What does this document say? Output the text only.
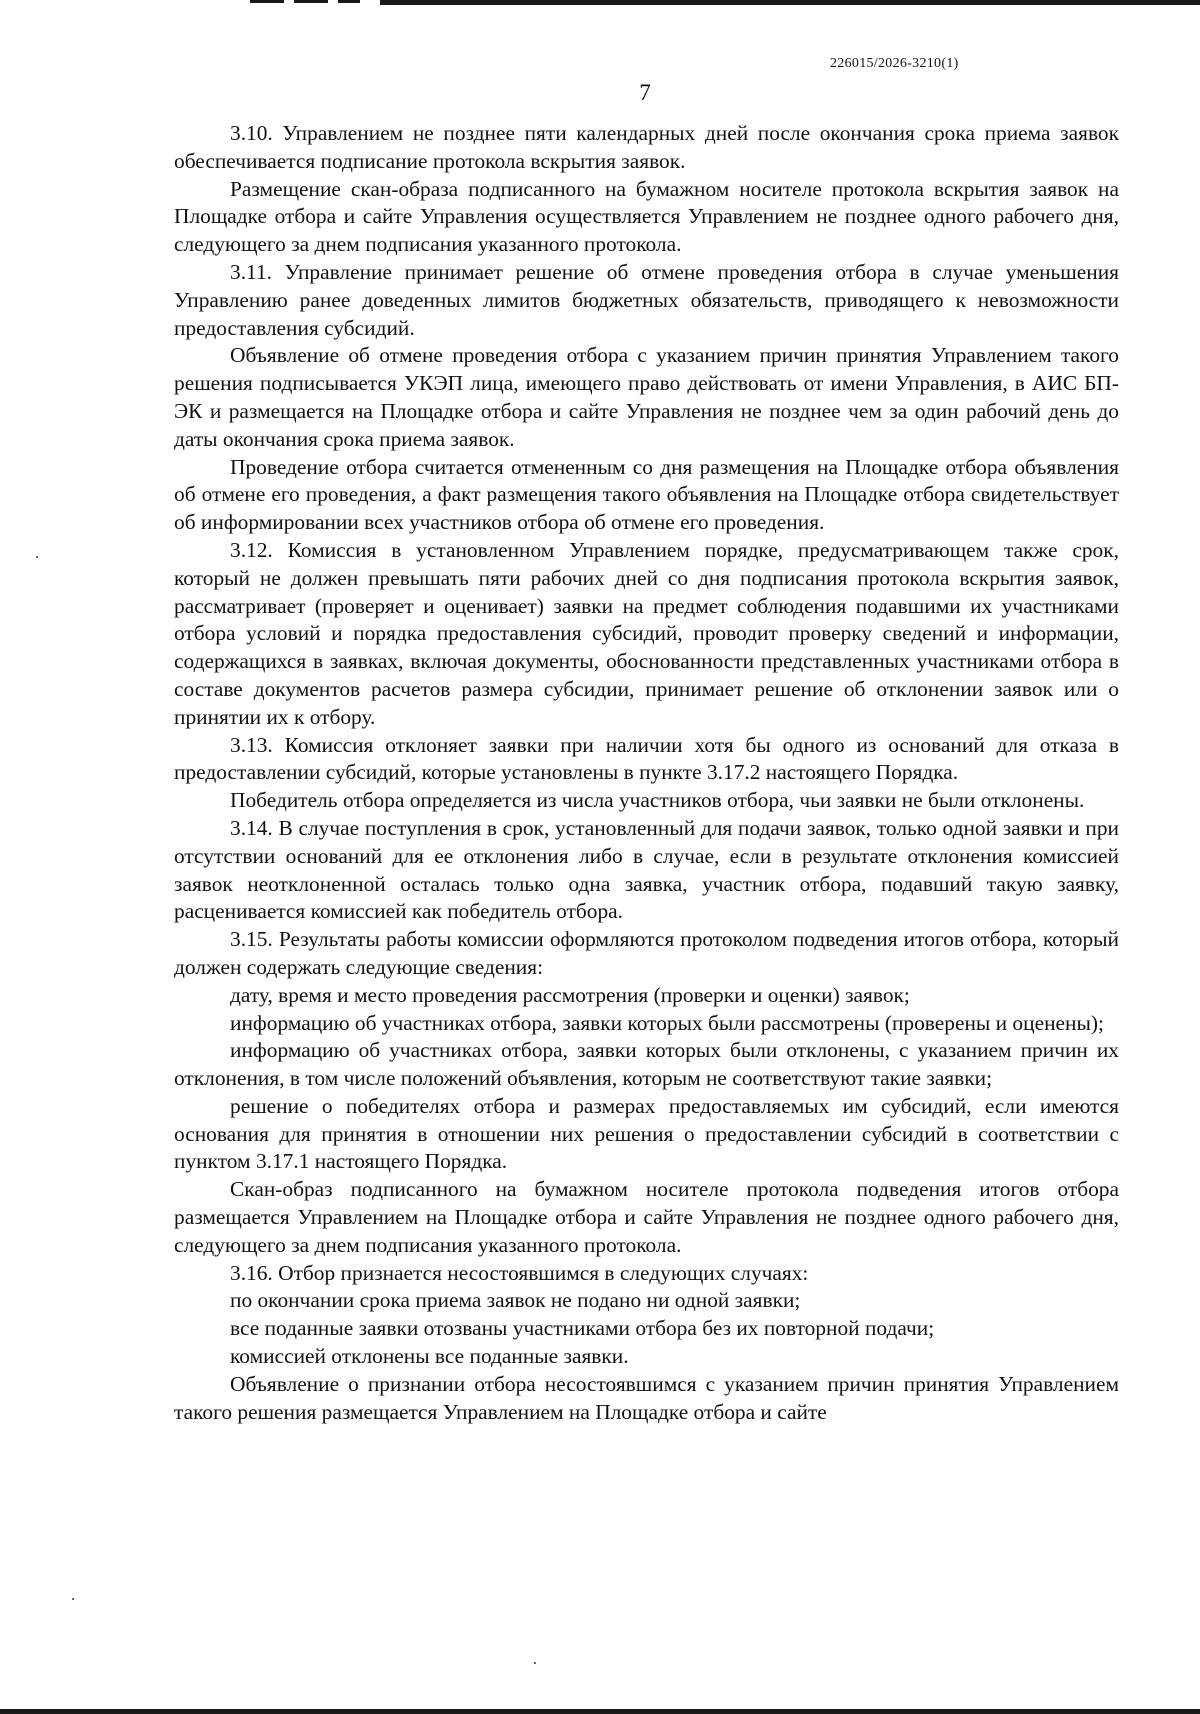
226015/2026-3210(1)
7

3.10. Управлением не позднее пяти календарных дней после окончания срока приема заявок обеспечивается подписание протокола вскрытия заявок.

Размещение скан-образа подписанного на бумажном носителе протокола вскрытия заявок на Площадке отбора и сайте Управления осуществляется Управлением не позднее одного рабочего дня, следующего за днем подписания указанного протокола.

3.11. Управление принимает решение об отмене проведения отбора в случае уменьшения Управлению ранее доведенных лимитов бюджетных обязательств, приводящего к невозможности предоставления субсидий.

Объявление об отмене проведения отбора с указанием причин принятия Управлением такого решения подписывается УКЭП лица, имеющего право действовать от имени Управления, в АИС БП-ЭК и размещается на Площадке отбора и сайте Управления не позднее чем за один рабочий день до даты окончания срока приема заявок.

Проведение отбора считается отмененным со дня размещения на Площадке отбора объявления об отмене его проведения, а факт размещения такого объявления на Площадке отбора свидетельствует об информировании всех участников отбора об отмене его проведения.

3.12. Комиссия в установленном Управлением порядке, предусматривающем также срок, который не должен превышать пяти рабочих дней со дня подписания протокола вскрытия заявок, рассматривает (проверяет и оценивает) заявки на предмет соблюдения подавшими их участниками отбора условий и порядка предоставления субсидий, проводит проверку сведений и информации, содержащихся в заявках, включая документы, обоснованности представленных участниками отбора в составе документов расчетов размера субсидии, принимает решение об отклонении заявок или о принятии их к отбору.

3.13. Комиссия отклоняет заявки при наличии хотя бы одного из оснований для отказа в предоставлении субсидий, которые установлены в пункте 3.17.2 настоящего Порядка.

Победитель отбора определяется из числа участников отбора, чьи заявки не были отклонены.

3.14. В случае поступления в срок, установленный для подачи заявок, только одной заявки и при отсутствии оснований для ее отклонения либо в случае, если в результате отклонения комиссией заявок неотклоненной осталась только одна заявка, участник отбора, подавший такую заявку, расценивается комиссией как победитель отбора.

3.15. Результаты работы комиссии оформляются протоколом подведения итогов отбора, который должен содержать следующие сведения:

дату, время и место проведения рассмотрения (проверки и оценки) заявок;

информацию об участниках отбора, заявки которых были рассмотрены (проверены и оценены);

информацию об участниках отбора, заявки которых были отклонены, с указанием причин их отклонения, в том числе положений объявления, которым не соответствуют такие заявки;

решение о победителях отбора и размерах предоставляемых им субсидий, если имеются основания для принятия в отношении них решения о предоставлении субсидий в соответствии с пунктом 3.17.1 настоящего Порядка.

Скан-образ подписанного на бумажном носителе протокола подведения итогов отбора размещается Управлением на Площадке отбора и сайте Управления не позднее одного рабочего дня, следующего за днем подписания указанного протокола.

3.16. Отбор признается несостоявшимся в следующих случаях:

по окончании срока приема заявок не подано ни одной заявки;

все поданные заявки отозваны участниками отбора без их повторной подачи;

комиссией отклонены все поданные заявки.

Объявление о признании отбора несостоявшимся с указанием причин принятия Управлением такого решения размещается Управлением на Площадке отбора и сайте
